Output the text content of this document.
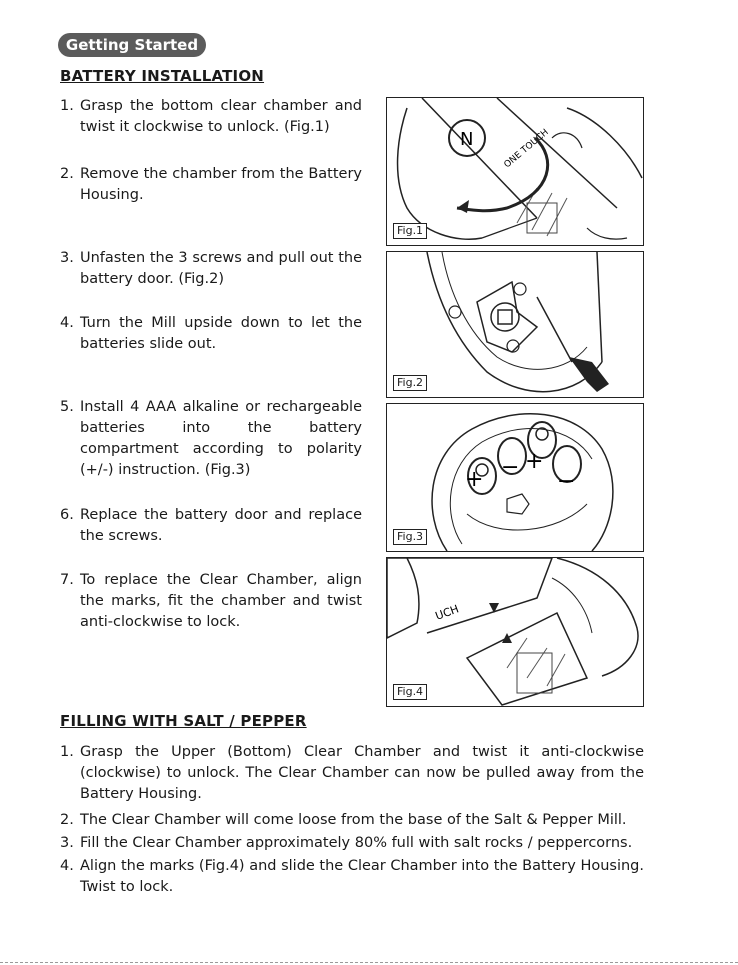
Getting Started
BATTERY INSTALLATION
1. Grasp the bottom clear chamber and twist it clockwise to unlock. (Fig.1)
2. Remove the chamber from the Battery Housing.
3. Unfasten the 3 screws and pull out the battery door. (Fig.2)
4. Turn the Mill upside down to let the batteries slide out.
5. Install 4 AAA alkaline or rechargeable batteries into the battery compartment according to polarity (+/-) instruction. (Fig.3)
6. Replace the battery door and replace the screws.
7. To replace the Clear Chamber, align the marks, fit the chamber and twist anti-clockwise to lock.
N	ONE TOUCH
Fig.1
Fig.2
+
+
−
−
Fig.3
UCH
Fig.4
FILLING WITH SALT / PEPPER
1. Grasp the Upper (Bottom) Clear Chamber and twist it anti-clockwise (clockwise) to unlock. The Clear Chamber can now be pulled away from the Battery Housing.
2. The Clear Chamber will come loose from the base of the Salt & Pepper Mill.
3. Fill the Clear Chamber approximately 80% full with salt rocks / peppercorns.
4. Align the marks (Fig.4) and slide the Clear Chamber into the Battery Housing. Twist to lock.
